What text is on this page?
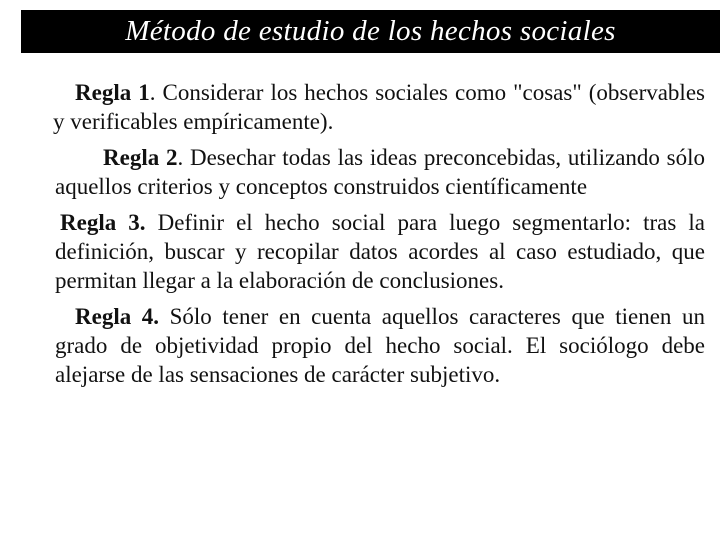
Método de estudio de los hechos sociales

Regla 1. Considerar los hechos sociales como "cosas" (observables y verificables empíricamente).

Regla 2. Desechar todas las ideas preconcebidas, utilizando sólo aquellos criterios y conceptos construidos científicamente

Regla 3. Definir el hecho social para luego segmentarlo: tras la definición, buscar y recopilar datos acordes al caso estudiado, que permitan llegar a la elaboración de conclusiones.

Regla 4. Sólo tener en cuenta aquellos caracteres que tienen un grado de objetividad propio del hecho social. El sociólogo debe alejarse de las sensaciones de carácter subjetivo.
